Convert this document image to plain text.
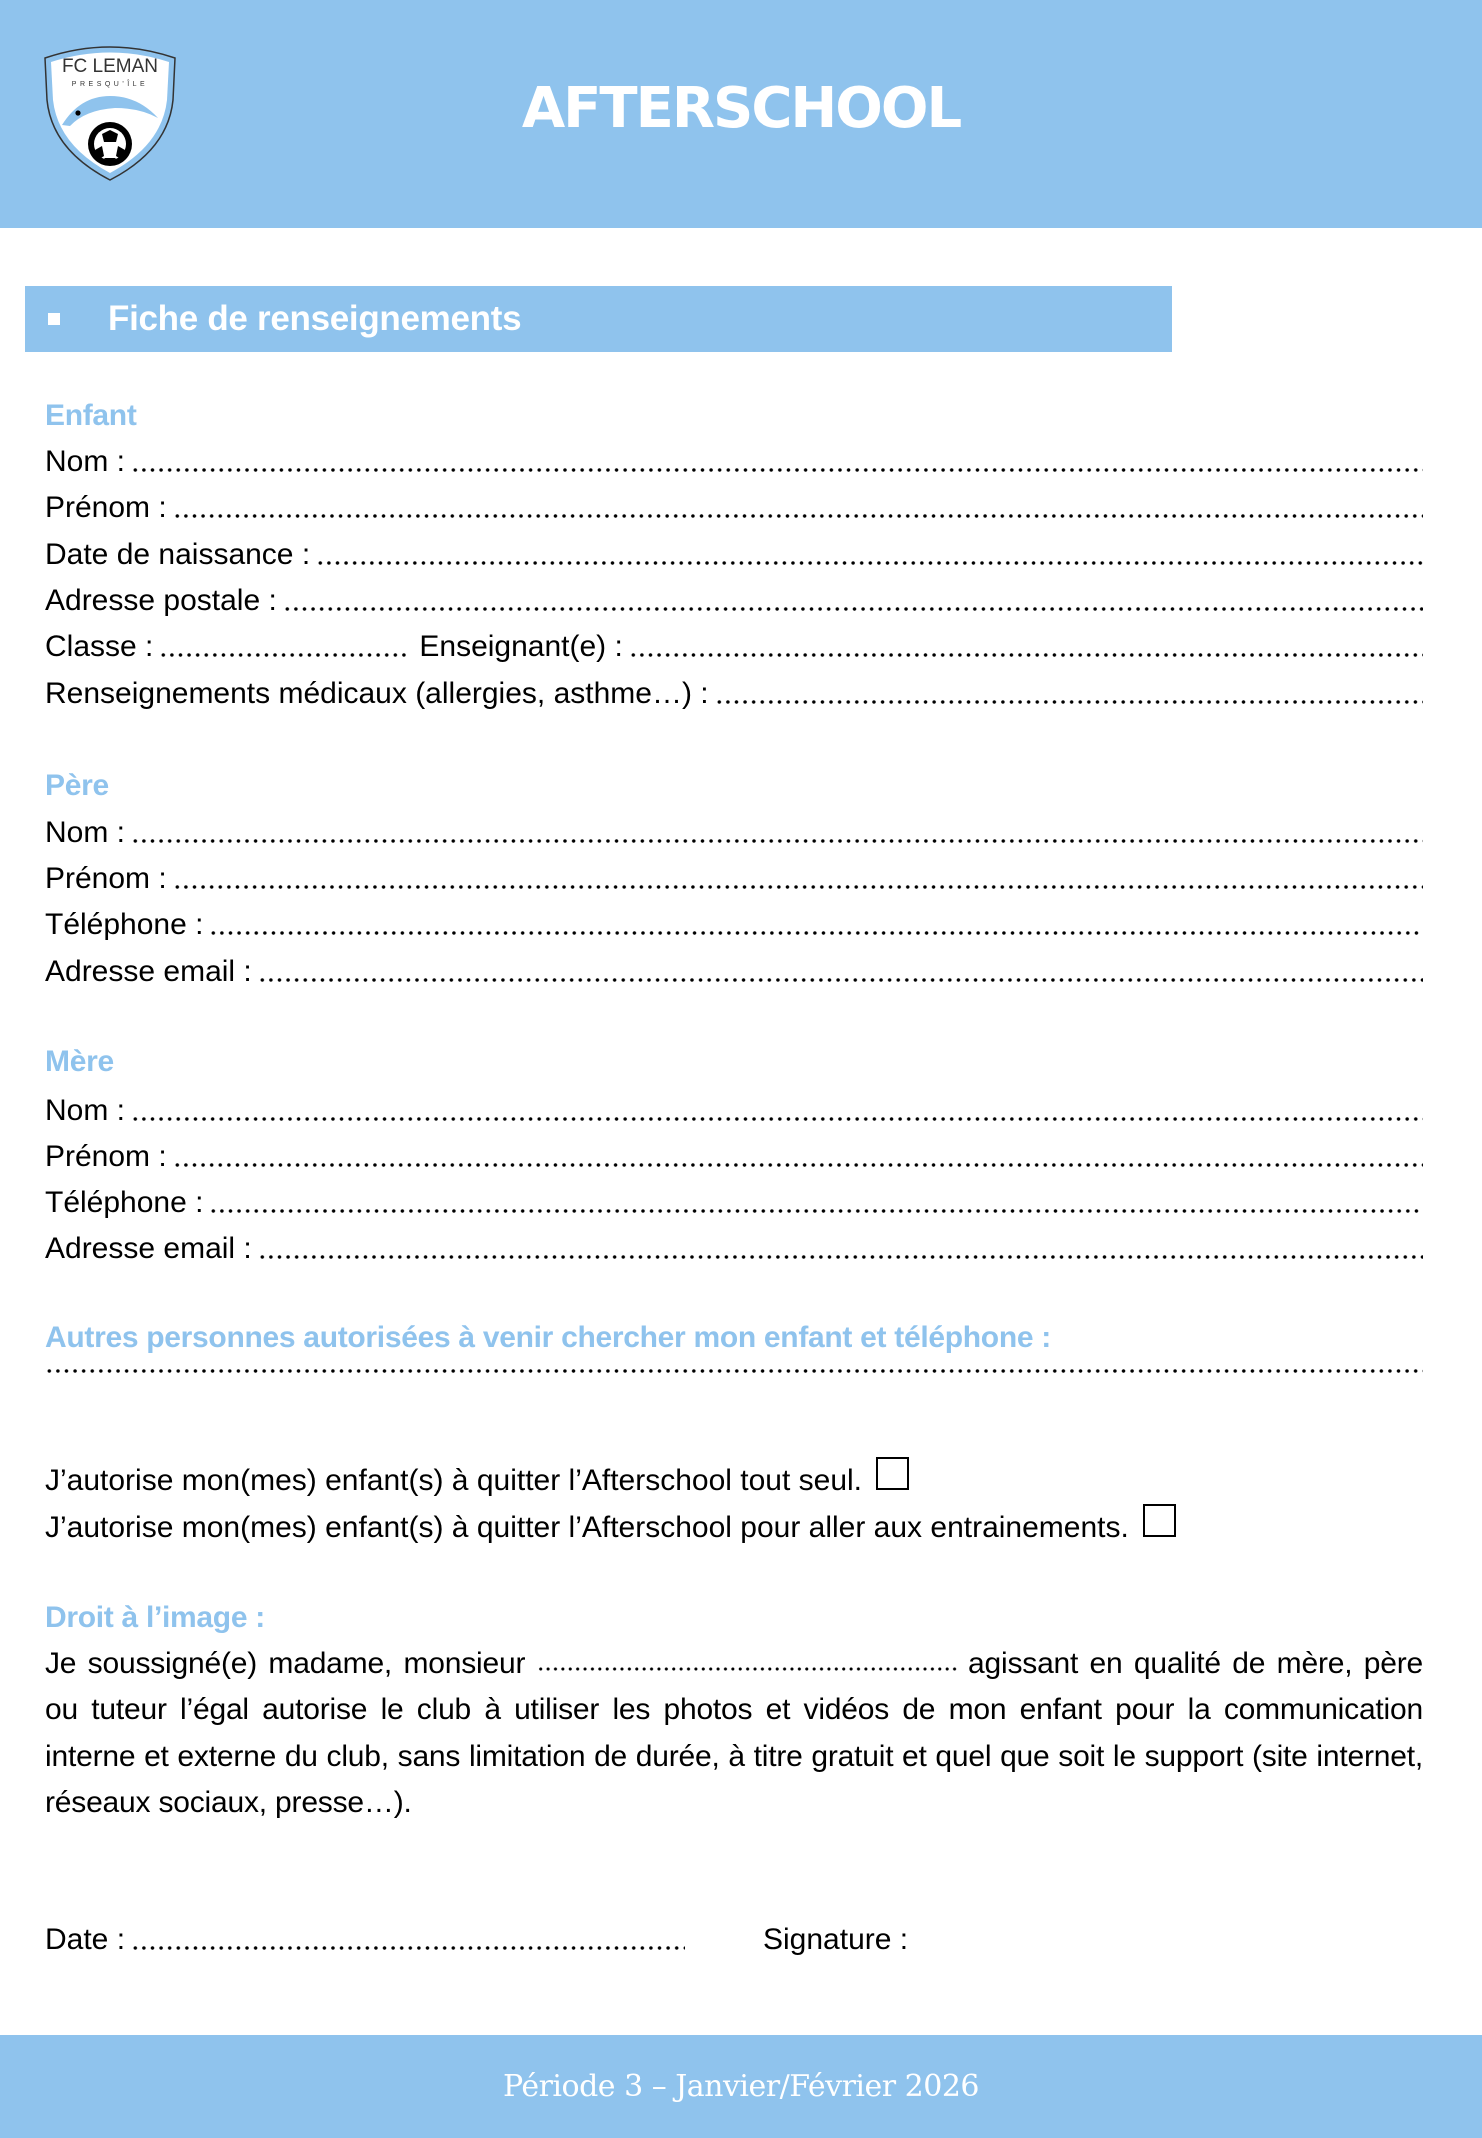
FC LEMAN
PRESQU'ÎLE
FC
AFTERSCHOOL
Fiche de renseignements
Enfant
Nom :
Prénom :
Date de naissance :
Adresse postale :
Classe :	Enseignant(e) :
Renseignements médicaux (allergies, asthme…) :
Père
Nom :
Prénom :
Téléphone :
Adresse email :
Mère
Nom :
Prénom :
Téléphone :
Adresse email :
Autres personnes autorisées à venir chercher mon enfant et téléphone :
J’autorise mon(mes) enfant(s) à quitter l’Afterschool tout seul.
J’autorise mon(mes) enfant(s) à quitter l’Afterschool pour aller aux entrainements.
Droit à l’image :
Je soussigné(e) madame, monsieur	agissant en qualité de mère, père ou tuteur l’égal autorise le club à utiliser les photos et vidéos de mon enfant pour la communication interne et externe du club, sans limitation de durée, à titre gratuit et quel que soit le support (site internet, réseaux sociaux, presse…).
Date :	Signature :
Période 3 – Janvier/Février 2026
